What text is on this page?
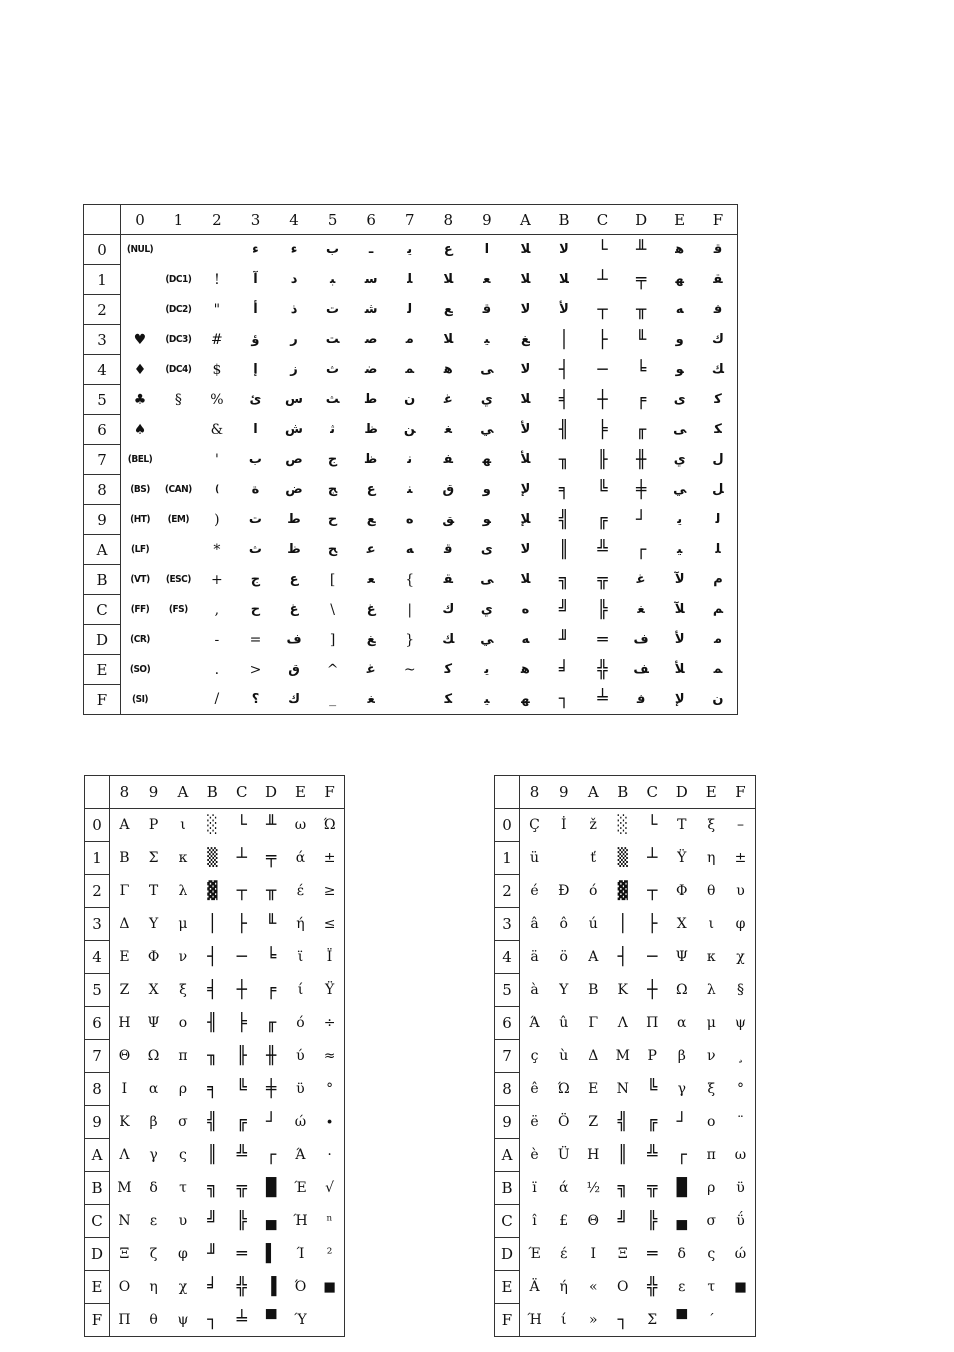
	0	1	2	3	4	5	6	7	8	9	A	B	C	D	E	F
0	(NUL)			ء	ﺀ	ﺏ	ـ	ﻳ	ﻉ	ﺍ	ﻼ	ﻻ	└	╨	ﻫ	ﻗ
1		(DC1)	!	آ	ﺩ	ﺒ	ﺳ	ﻠ	ﻼ	ﻌ	ﻼ	ﻼ	┴	╤	ﻬ	ﻘ
2		(DC2)	"	أ	ﺫ	ﺕ	ﺷ	ﻟ	ﻊ	ﻗ	ﻻ	ﻷ	┬	╥	ﻪ	ﻓ
3	♥	(DC3)	#	ؤ	ﺭ	ﺖ	ﺻ	ﻣ	ﻼ	ﻴ	ﻎ	│	├	╙	ﻭ	ﻙ
4	♦	(DC4)	$	إ	ﺯ	ﺙ	ﺿ	ﻤ	ﻫ	ﻰ	ﻻ	┤	─	╘	ﻮ	ﻚ
5	♣	§	%	ئ	ﺱ	ﺚ	ﻃ	ﻥ	ﻏ	ﻱ	ﻼ	╡	┼	╒	ﻯ	ﻛ
6	♠		&	ا	ﺵ	ﺛ	ﻅ	ﻦ	ﻐ	ﻲ	ﻷ	╢	╞	╓	ﻰ	ﻜ
7	(BEL)		'	ب	ﺹ	ﺝ	ﻇ	ﻧ	ﻔ	ﻬ	ﻸ	╖	╟	╫	ﻱ	ﻝ
8	(BS)	(CAN)	(	ة	ﺽ	ﺞ	ﻉ	ﻨ	ﻕ	ﻭ	ﻹ	╕	╚	╪	ﻲ	ﻞ
9	(HT)	(EM)	)	ت	ﻁ	ﺡ	ﻊ	ﻩ	ﻖ	ﻮ	ﻺ	╣	╔	┘	ﻳ	ﻟ
A	(LF)		*	ث	ﻅ	ﺢ	ﻋ	ﻪ	ﻗ	ﻯ	ﻻ	║	╩	┌	ﻴ	ﻠ
B	(VT)	(ESC)	+	ج	ﻉ	[	ﻌ	{	ﻘ	ﻰ	ﻼ	╗	╦	ﻏ	ﻵ	ﻡ
C	(FF)	(FS)	,	ح	ﻍ	\	ﻍ	|	ﻙ	ﻱ	ﻩ	╝	╠	ﻐ	ﻶ	ﻢ
D	(CR)		-	=	ﻑ	]	ﻎ	}	ﻚ	ﻲ	ﻪ	╜	═	ﻑ	ﻷ	ﻣ
E	(SO)		.	>	ﻕ	^	ﻏ	~	ﻛ	ﻳ	ﻫ	╛	╬	ﻒ	ﻸ	ﻤ
F	(SI)		/	؟	ﻙ	_	ﻐ		ﻜ	ﻴ	ﻬ	┐	╧	ﻓ	ﻹ	ﻥ
	8	9	A	B	C	D	E	F
0	Α	Ρ	ι	░	└	╨	ω	Ώ
1	Β	Σ	κ	▒	┴	╤	ά	±
2	Γ	Τ	λ	▓	┬	╥	έ	≥
3	Δ	Υ	μ	│	├	╙	ή	≤
4	Ε	Φ	ν	┤	─	╘	ϊ	Ϊ
5	Ζ	Χ	ξ	╡	┼	╒	ί	Ϋ
6	Η	Ψ	ο	╢	╞	╓	ό	÷
7	Θ	Ω	π	╖	╟	╫	ύ	≈
8	Ι	α	ρ	╕	╚	╪	ϋ	°
9	Κ	β	σ	╣	╔	┘	ώ	∙
A	Λ	γ	ς	║	╩	┌	Ά	·
B	Μ	δ	τ	╗	╦	█	Έ	√
C	Ν	ε	υ	╝	╠	▄	Ή	ⁿ
D	Ξ	ζ	φ	╜	═	▌	Ί	²
E	Ο	η	χ	╛	╬	▐	Ό	■
F	Π	θ	ψ	┐	╧	▀	Ύ	
	8	9	A	B	C	D	E	F
0	Ç	İ	ž	░	└	Т	ξ	–
1	ü		ť	▒	┴	Ÿ	η	±
2	é	Đ	ó	▓	┬	Φ	θ	υ
3	â	ô	ú	│	├	Χ	ι	φ
4	ä	ö	Α	┤	─	Ψ	κ	χ
5	à	Υ	Β	Κ	┼	Ω	λ	§
6	Ά	û	Γ	Λ	Π	α	μ	ψ
7	ç	ù	Δ	Μ	Ρ	β	ν	¸
8	ê	Ώ	Ε	Ν	╚	γ	ξ	°
9	ë	Ö	Ζ	╣	╔	┘	ο	¨
A	è	Ü	Η	║	╩	┌	π	ω
B	ï	ά	½	╗	╦	█	ρ	ϋ
C	î	£	Θ	╝	╠	▄	σ	ΰ
D	Έ	έ	Ι	Ξ	═	δ	ς	ώ
E	Ä	ή	«	Ο	╬	ε	τ	■
F	Ή	ί	»	┐	Σ	▀	΄	
